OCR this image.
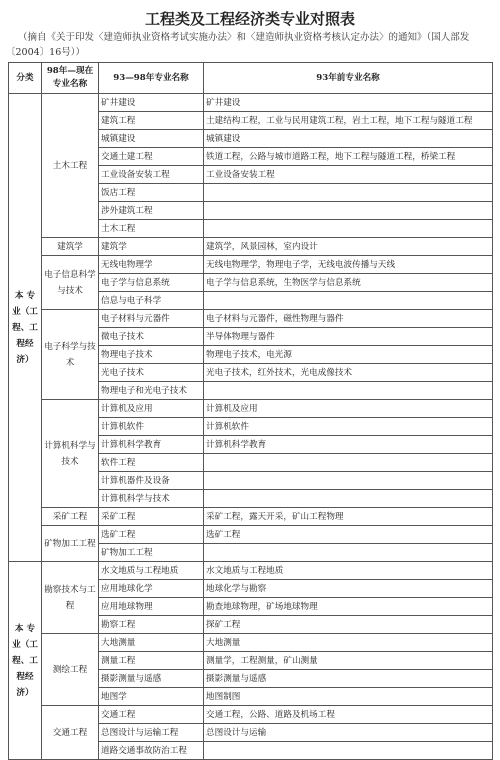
工程类及工程经济类专业对照表
（摘自《关于印发〈建造师执业资格考试实施办法〉和〈建造师执业资格考核认定办法〉的通知》（国人部发〔2004〕16号））
分类	98年—现在专业名称	93—98年专业名称	93年前专业名称
本 专 业（工程、工程经济）	土木工程	矿井建设	矿井建设
		建筑工程	土建结构工程，工业与民用建筑工程，岩土工程，地下工程与隧道工程
		城镇建设	城镇建设
		交通土建工程	铁道工程，公路与城市道路工程，地下工程与隧道工程，桥梁工程
		工业设备安装工程	工业设备安装工程
		饭店工程	
		涉外建筑工程	
		土木工程	
	建筑学	建筑学	建筑学，风景园林，室内设计
	电子信息科学与技术	无线电物理学	无线电物理学，物理电子学，无线电波传播与天线
		电子学与信息系统	电子学与信息系统，生物医学与信息系统
		信息与电子科学	
	电子科学与技术	电子材料与元器件	电子材料与元器件，磁性物理与器件
		微电子技术	半导体物理与器件
		物理电子技术	物理电子技术，电光源
		光电子技术	光电子技术，红外技术，光电成像技术
		物理电子和光电子技术	
	计算机科学与技术	计算机及应用	计算机及应用
		计算机软件	计算机软件
		计算机科学教育	计算机科学教育
		软件工程	
		计算机器件及设备	
		计算机科学与技术	
	采矿工程	采矿工程	采矿工程，露天开采，矿山工程物理
	矿物加工工程	选矿工程	选矿工程
		矿物加工工程	
本 专 业（工程、工程经济）	勘察技术与工程	水文地质与工程地质	水文地质与工程地质
		应用地球化学	地球化学与勘察
		应用地球物理	勘查地球物理，矿场地球物理
		勘察工程	探矿工程
	测绘工程	大地测量	大地测量
		测量工程	测量学，工程测量，矿山测量
		摄影测量与遥感	摄影测量与遥感
		地图学	地图制图
	交通工程	交通工程	交通工程，公路、道路及机场工程
		总图设计与运输工程	总图设计与运输
		道路交通事故防治工程	
